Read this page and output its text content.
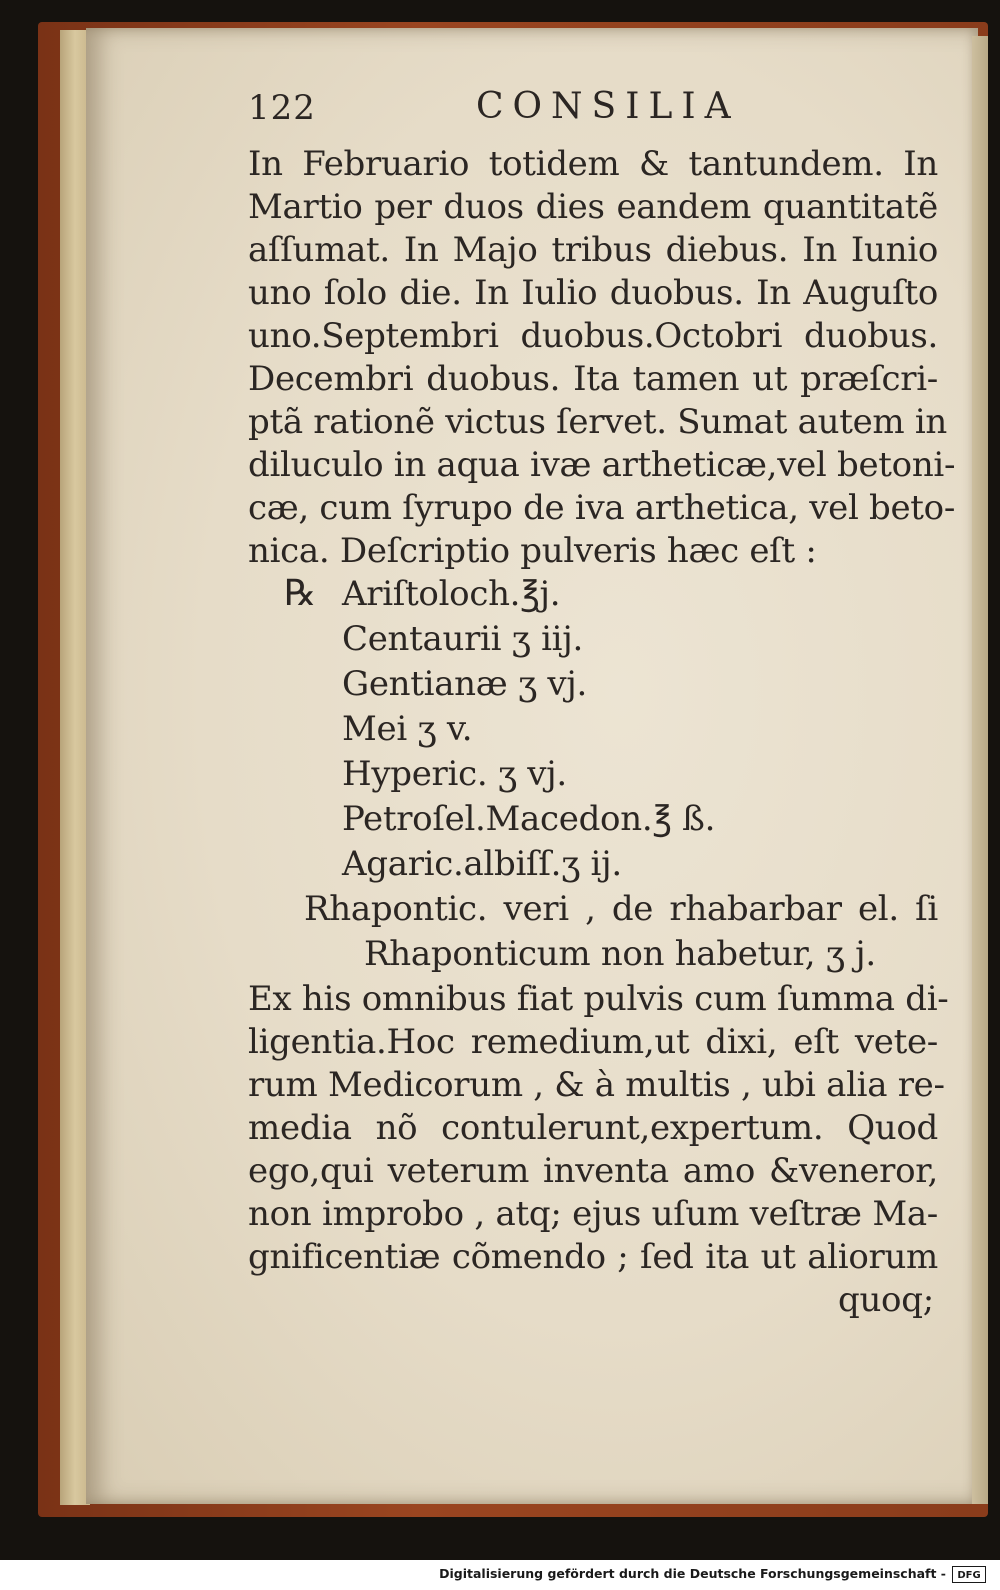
122	CONSILIA
In Februario totidem & tantundem. In
Martio per duos dies eandem quantitatẽ
aſſumat. In Majo tribus diebus. In Iunio
uno ſolo die. In Iulio duobus. In Auguſto
uno.Septembri duobus.Octobri duobus.
Decembri duobus. Ita tamen ut præſcri-
ptã rationẽ victus ſervet. Sumat autem in
diluculo in aqua ivæ artheticæ,vel betoni-
cæ, cum ſyrupo de iva arthetica, vel beto-
nica. Deſcriptio pulveris hæc eſt :
℞ Ariſtoloch.℥j.
Centaurii ʒ iij.
Gentianæ ʒ vj.
Mei ʒ v.
Hyperic. ʒ vj.
Petroſel.Macedon.℥ ß.
Agaric.albiſſ.ʒ ij.
Rhapontic. veri , de rhabarbar el. ſi
Rhaponticum non habetur, ʒ j.
Ex his omnibus fiat pulvis cum ſumma di-
ligentia.Hoc remedium,ut dixi, eſt vete-
rum Medicorum , & à multis , ubi alia re-
media nõ contulerunt,expertum. Quod
ego,qui veterum inventa amo &veneror,
non improbo , atq; ejus uſum veſtræ Ma-
gnificentiæ cõmendo ; ſed ita ut aliorum
quoq;
Digitalisierung gefördert durch die Deutsche Forschungsgemeinschaft -	DFG
